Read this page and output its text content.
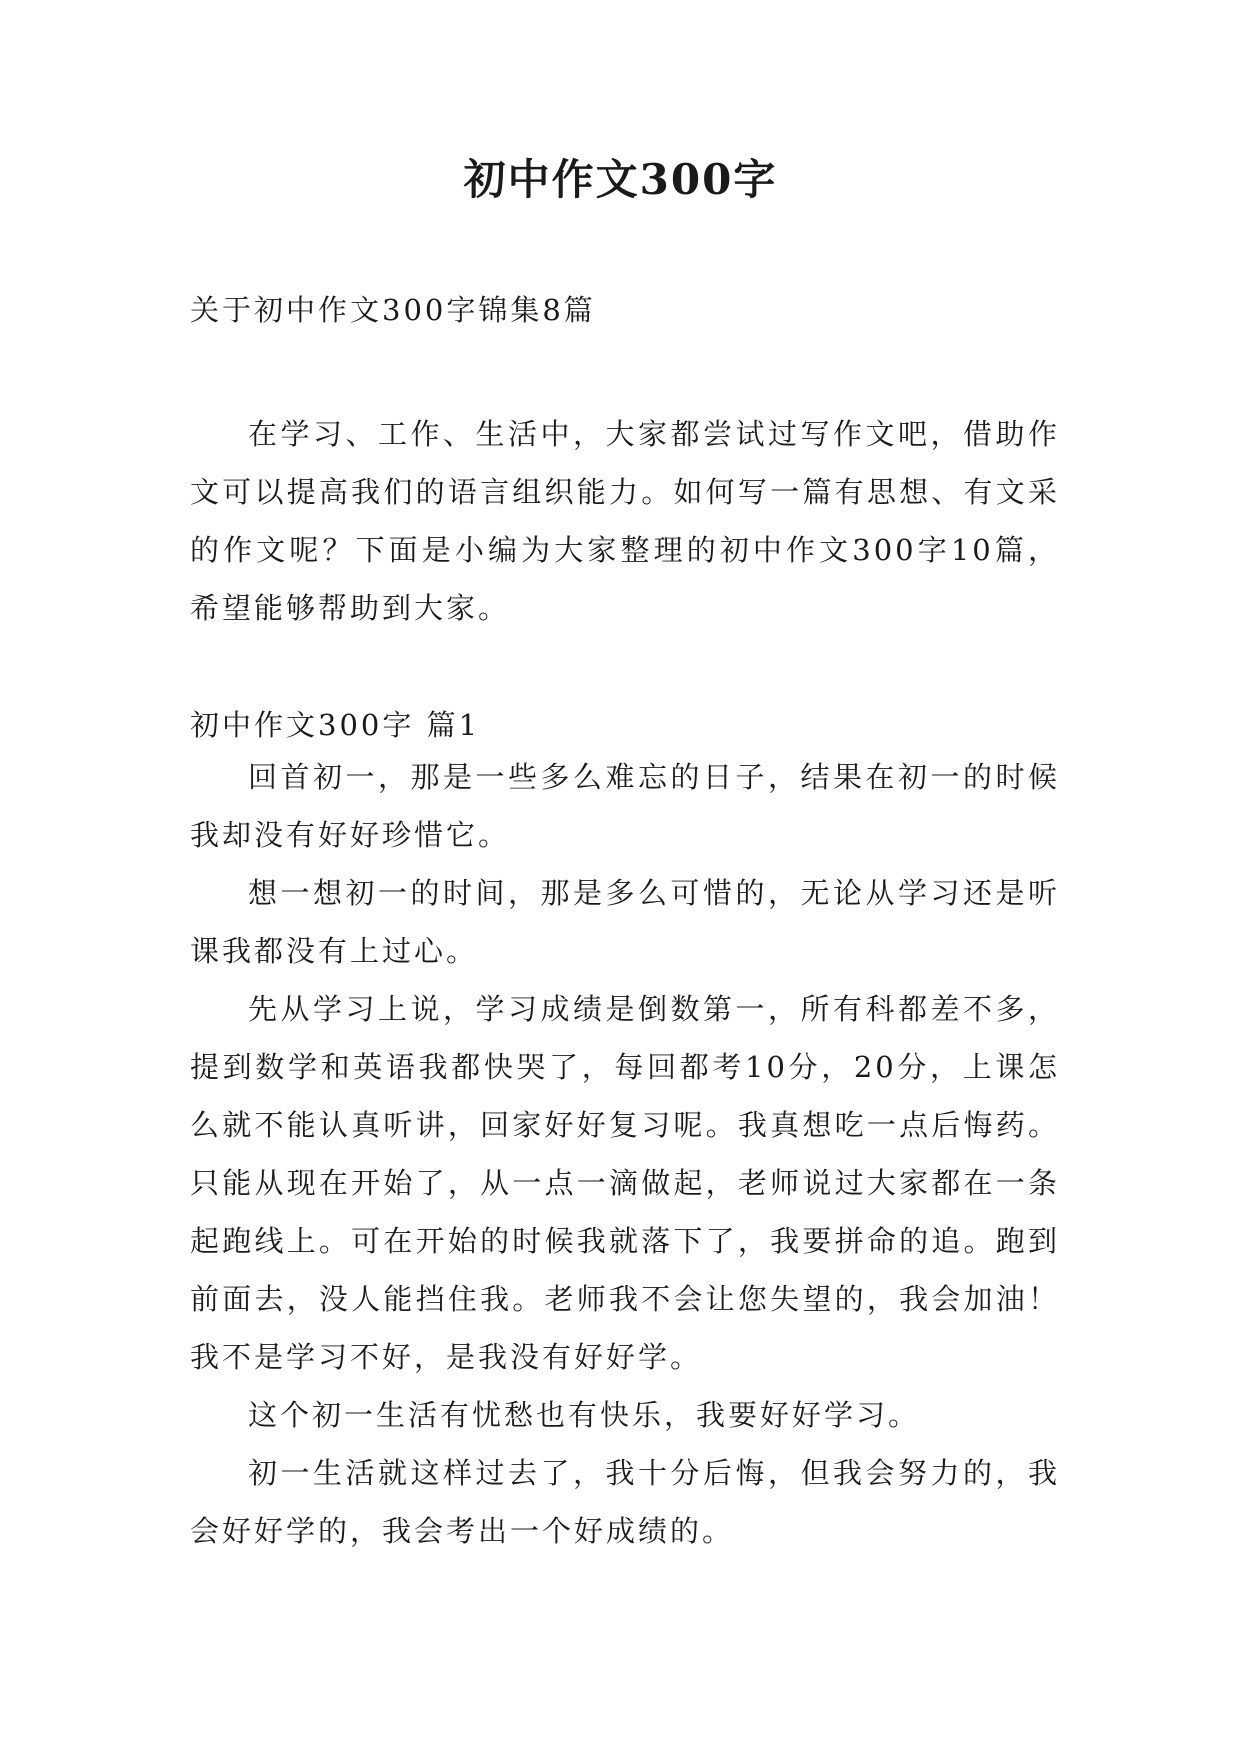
初中作文300字

关于初中作文300字锦集8篇

在学习、工作、生活中，大家都尝试过写作文吧，借助作文可以提高我们的语言组织能力。如何写一篇有思想、有文采的作文呢？下面是小编为大家整理的初中作文300字10篇，希望能够帮助到大家。

初中作文300字 篇1

回首初一，那是一些多么难忘的日子，结果在初一的时候我却没有好好珍惜它。

想一想初一的时间，那是多么可惜的，无论从学习还是听课我都没有上过心。

先从学习上说，学习成绩是倒数第一，所有科都差不多，提到数学和英语我都快哭了，每回都考10分，20分，上课怎么就不能认真听讲，回家好好复习呢。我真想吃一点后悔药。只能从现在开始了，从一点一滴做起，老师说过大家都在一条起跑线上。可在开始的时候我就落下了，我要拼命的追。跑到前面去，没人能挡住我。老师我不会让您失望的，我会加油！我不是学习不好，是我没有好好学。

这个初一生活有忧愁也有快乐，我要好好学习。

初一生活就这样过去了，我十分后悔，但我会努力的，我会好好学的，我会考出一个好成绩的。
